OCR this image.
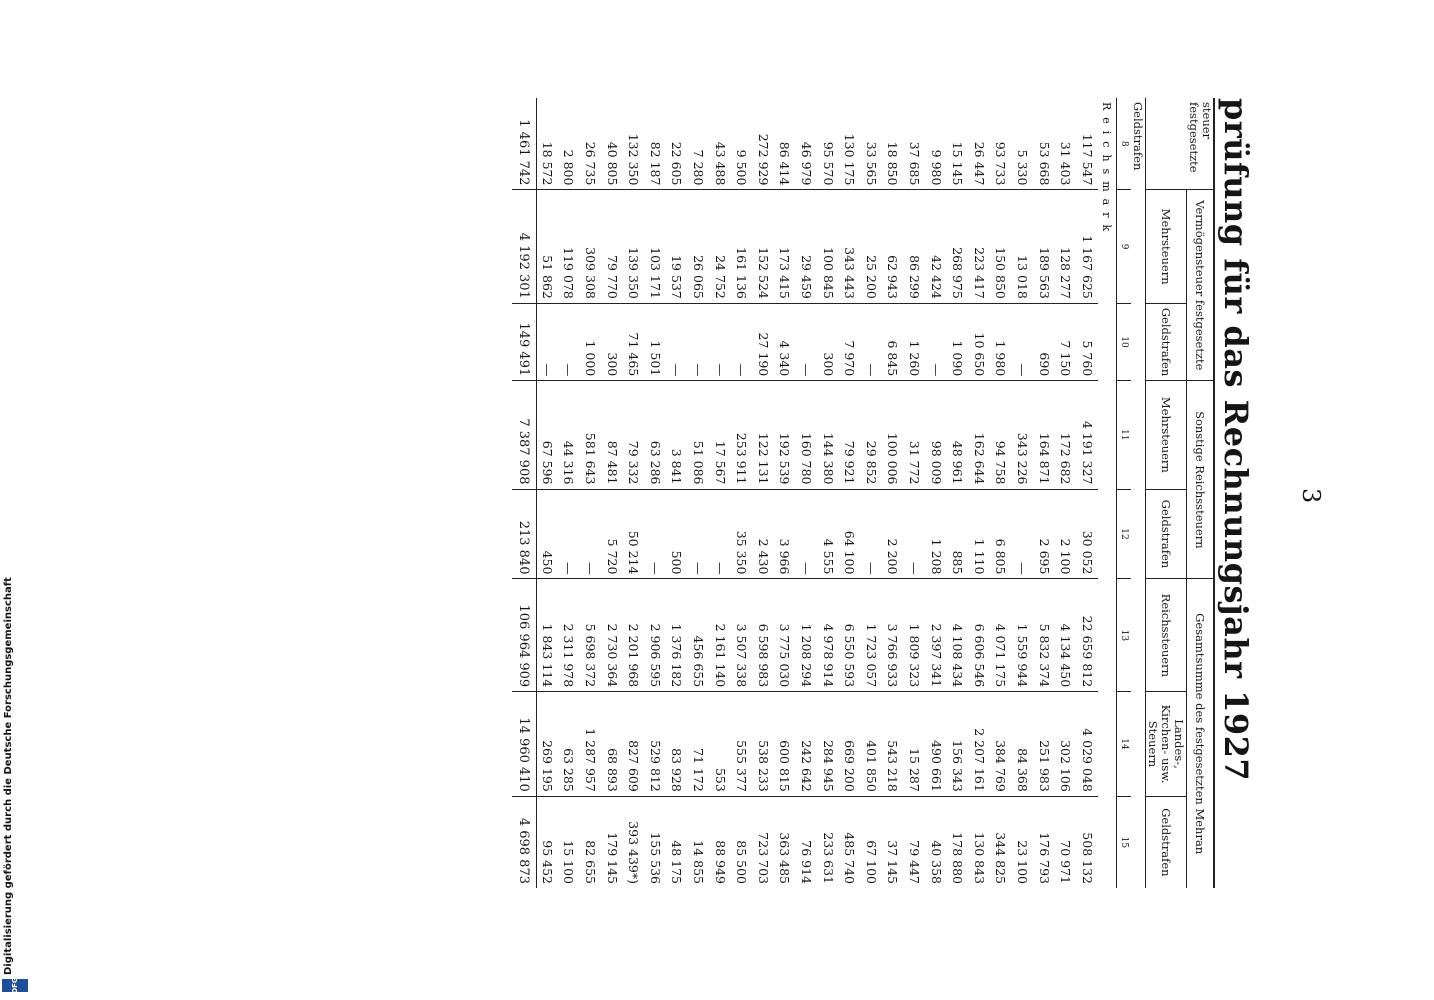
3
prüfung für das Rechnungsjahr 1927
steuer festgesetzte	Vermögensteuer festgesetzte		Sonstige Reichssteuern		Gesamtsumme des festgesetzten Mehran		
	Mehrsteuern	Geldstrafen	Mehrsteuern	Geldstrafen	Reichssteuern	Landes-, Kirchen- usw. Steuern	Geldstrafen
Geldstrafen							
8	9	10	11	12	13	14	15
Reichsmark							
117 547	1 167 625	5 760	4 191 327	30 052	22 659 812	4 029 048	508 132
31 403	128 277	7 150	172 682	2 100	4 134 450	302 106	70 971
53 668	189 563	690	164 871	2 695	5 832 374	251 983	176 793
5 330	13 018	—	343 226	—	1 559 944	84 368	23 100
93 733	150 850	1 980	94 758	6 805	4 071 175	384 769	344 825
26 447	223 417	10 650	162 644	1 110	6 606 546	2 207 161	130 843
15 145	268 975	1 090	48 961	885	4 108 434	156 343	178 880
9 980	42 424	—	98 009	1 208	2 397 341	490 661	40 358
37 685	86 299	1 260	31 772	—	1 809 323	15 287	79 447
18 850	62 943	6 845	100 006	2 200	3 766 933	543 218	37 145
33 565	25 200	—	29 852	—	1 723 057	401 850	67 100
130 175	343 443	7 970	79 921	64 100	6 550 593	669 200	485 740
95 570	100 845	300	144 380	4 555	4 978 914	284 945	233 631
46 979	29 459	—	160 780	—	1 208 294	242 642	76 914
86 414	173 415	4 340	192 539	3 966	3 775 030	600 815	363 485
272 929	152 524	27 190	122 131	2 430	6 598 983	538 233	723 703
9 500	161 136	—	253 911	35 350	3 507 338	555 377	85 500
43 488	24 752	—	17 567	—	2 161 140	553	88 949
7 280	26 065	—	51 086	—	456 655	71 172	14 855
22 605	19 537	—	3 841	500	1 376 182	83 928	48 175
82 187	103 171	1 501	63 286	—	2 906 595	529 812	155 536
132 350	139 350	71 465	79 332	50 214	2 201 968	827 609	393 439*)
40 805	79 770	300	87 481	5 720	2 730 364	68 893	179 145
26 735	309 308	1 000	581 643	—	5 698 372	1 287 957	82 655
2 800	119 078	—	44 316	—	2 311 978	63 285	15 100
18 572	51 862	—	67 596	450	1 843 114	269 195	95 452
1 461 742	4 192 301	149 491	7 387 908	213 840	106 964 909	14 960 410	4 698 873
DFG
Digitalisierung gefördert durch die Deutsche Forschungsgemeinschaft
